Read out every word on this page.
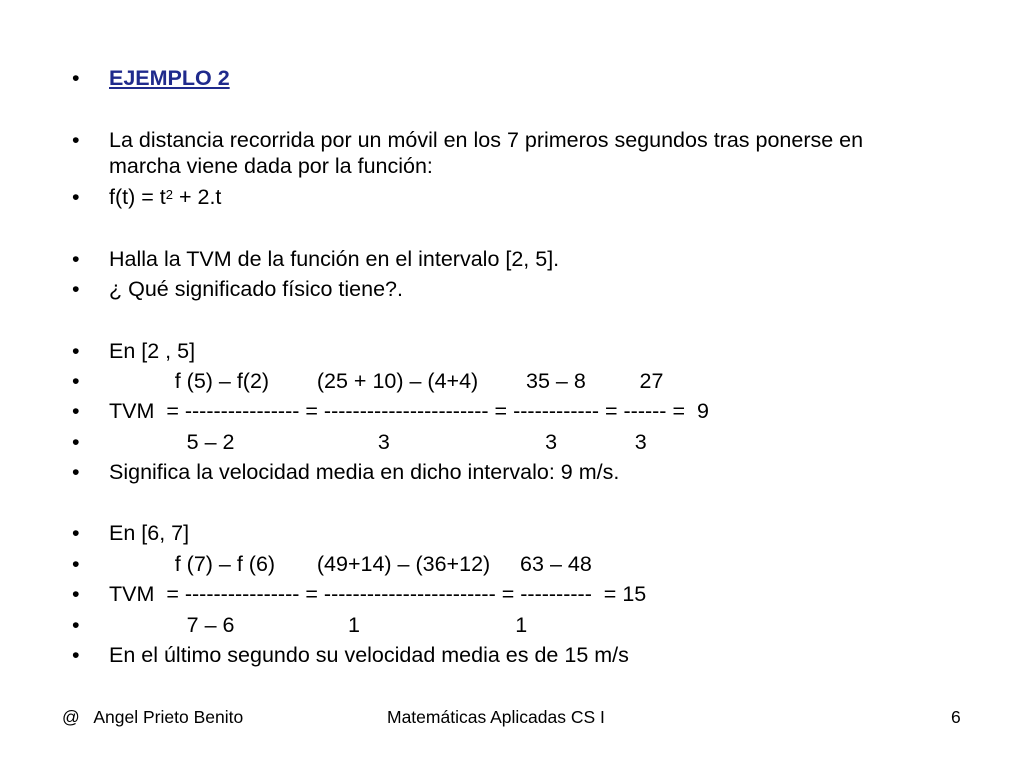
•

EJEMPLO 2

•

La distancia recorrida por un móvil en los 7 primeros segundos tras ponerse en marcha viene dada por la función:

•

$f(t) = t^2 + 2.t$

•

Halla la TVM de la función en el intervalo [2, 5].

•

¿ Qué significado físico tiene?.

•

En [2 , 5]

•

f (5) – f(2)        (25 + 10) – (4+4)        35 – 8         27

•

TVM  = ---------------- = ----------------------- = ------------ = ------ =  9

•

5 – 2                        3                          3             3

•

Significa la velocidad media en dicho intervalo: 9 m/s.

•

En [6, 7]

•

f (7) – f (6)       (49+14) – (36+12)     63 – 48

•

TVM  = ---------------- = ------------------------ = ----------  = 15

•

7 – 6                   1                          1

•

En el último segundo su velocidad media es de 15 m/s

@   Angel Prieto Benito	Matemáticas Aplicadas CS I	6
